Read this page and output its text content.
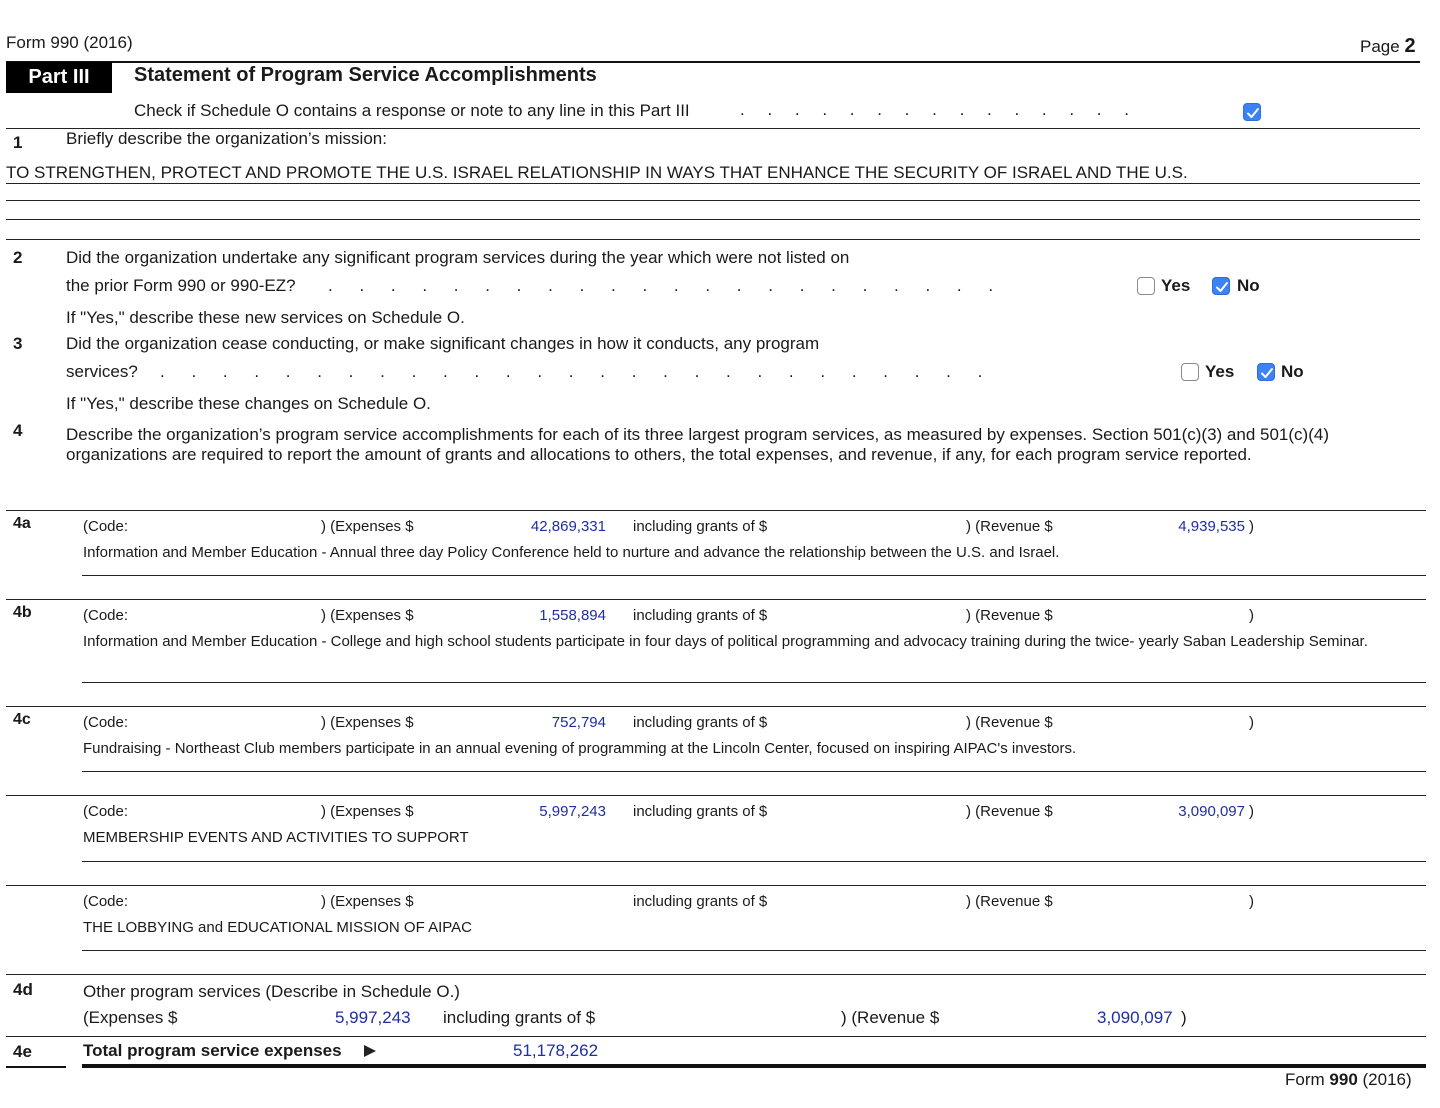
Form 990 (2016)	Page 2
Part III	Statement of Program Service Accomplishments
Check if Schedule O contains a response or note to any line in this Part III	. . . . . . . . . . . . . . .
1	Briefly describe the organization’s mission:
TO STRENGTHEN, PROTECT AND PROMOTE THE U.S. ISRAEL RELATIONSHIP IN WAYS THAT ENHANCE THE SECURITY OF ISRAEL AND THE U.S.
2	Did the organization undertake any significant program services during the year which were not listed on
the prior Form 990 or 990-EZ? . . . . . . . . . . . . . . . . . . . . . .	Yes	No
If "Yes," describe these new services on Schedule O.
3	Did the organization cease conducting, or make significant changes in how it conducts, any program
services? . . . . . . . . . . . . . . . . . . . . . . . . . . .	Yes	No
If "Yes," describe these changes on Schedule O.
4	Describe the organization’s program service accomplishments for each of its three largest program services, as measured by expenses. Section 501(c)(3) and 501(c)(4) organizations are required to report the amount of grants and allocations to others, the total expenses, and revenue, if any, for each program service reported.
4a	(Code:	) (Expenses $	42,869,331 including grants of $	) (Revenue $	4,939,535 )
Information and Member Education - Annual three day Policy Conference held to nurture and advance the relationship between the U.S. and Israel.
4b	(Code:	) (Expenses $	1,558,894 including grants of $	) (Revenue $	)
Information and Member Education - College and high school students participate in four days of political programming and advocacy training during the twice- yearly Saban Leadership Seminar.
4c	(Code:	) (Expenses $	752,794 including grants of $	) (Revenue $	)
Fundraising - Northeast Club members participate in an annual evening of programming at the Lincoln Center, focused on inspiring AIPAC's investors.
(Code:	) (Expenses $	5,997,243 including grants of $	) (Revenue $	3,090,097 )
MEMBERSHIP EVENTS AND ACTIVITIES TO SUPPORT
(Code:	) (Expenses $	including grants of $	) (Revenue $	)
THE LOBBYING and EDUCATIONAL MISSION OF AIPAC
4d	Other program services (Describe in Schedule O.)
(Expenses $	5,997,243 including grants of $	) (Revenue $	3,090,097 )
4e	Total program service expenses	51,178,262
Form 990 (2016)
